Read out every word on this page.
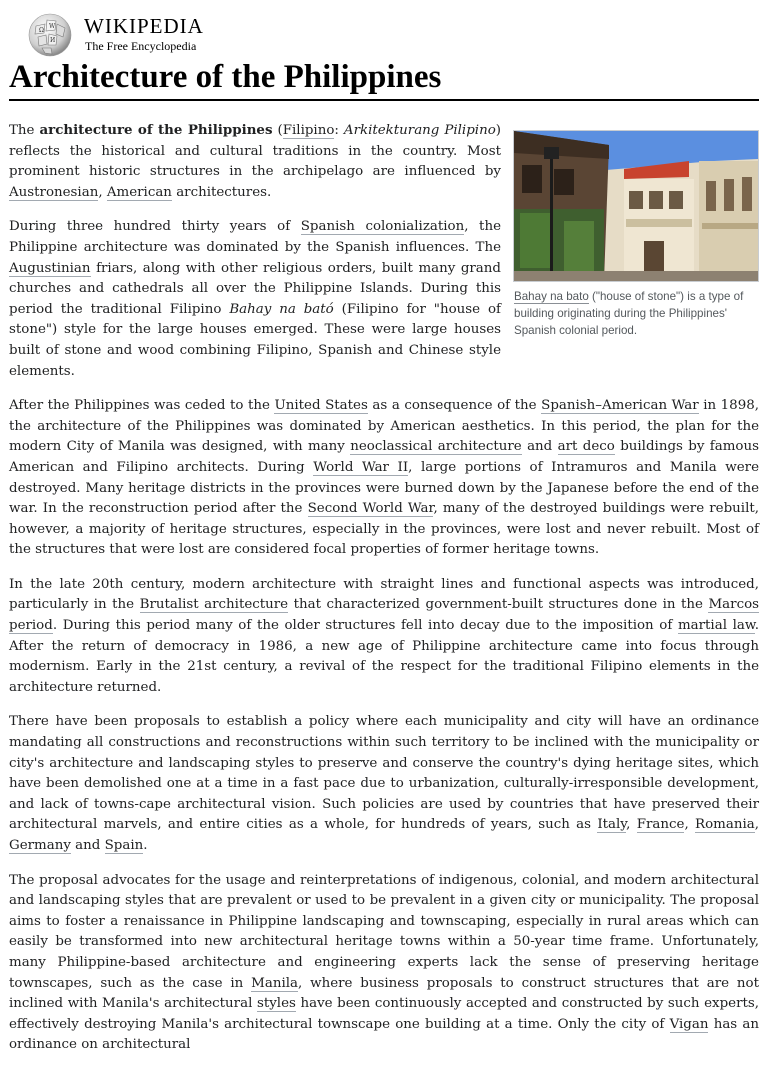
Ω
W
И
WIKIPEDIA
The Free Encyclopedia
Architecture of the Philippines
Bahay na bato ("house of stone") is a type of building originating during the Philippines' Spanish colonial period.

The architecture of the Philippines (Filipino: Arkitekturang Pilipino) reflects the historical and cultural traditions in the country. Most prominent historic structures in the archipelago are influenced by Austronesian, American architectures.

During three hundred thirty years of Spanish colonialization, the Philippine architecture was dominated by the Spanish influences. The Augustinian friars, along with other religious orders, built many grand churches and cathedrals all over the Philippine Islands. During this period the traditional Filipino Bahay na bató (Filipino for "house of stone") style for the large houses emerged. These were large houses built of stone and wood combining Filipino, Spanish and Chinese style elements.

After the Philippines was ceded to the United States as a consequence of the Spanish–American War in 1898, the architecture of the Philippines was dominated by American aesthetics. In this period, the plan for the modern City of Manila was designed, with many neoclassical architecture and art deco buildings by famous American and Filipino architects. During World War II, large portions of Intramuros and Manila were destroyed. Many heritage districts in the provinces were burned down by the Japanese before the end of the war. In the reconstruction period after the Second World War, many of the destroyed buildings were rebuilt, however, a majority of heritage structures, especially in the provinces, were lost and never rebuilt. Most of the structures that were lost are considered focal properties of former heritage towns.

In the late 20th century, modern architecture with straight lines and functional aspects was introduced, particularly in the Brutalist architecture that characterized government-built structures done in the Marcos period. During this period many of the older structures fell into decay due to the imposition of martial law. After the return of democracy in 1986, a new age of Philippine architecture came into focus through modernism. Early in the 21st century, a revival of the respect for the traditional Filipino elements in the architecture returned.

There have been proposals to establish a policy where each municipality and city will have an ordinance mandating all constructions and reconstructions within such territory to be inclined with the municipality or city's architecture and landscaping styles to preserve and conserve the country's dying heritage sites, which have been demolished one at a time in a fast pace due to urbanization, culturally-irresponsible development, and lack of towns-cape architectural vision. Such policies are used by countries that have preserved their architectural marvels, and entire cities as a whole, for hundreds of years, such as Italy, France, Romania, Germany and Spain.

The proposal advocates for the usage and reinterpretations of indigenous, colonial, and modern architectural and landscaping styles that are prevalent or used to be prevalent in a given city or municipality. The proposal aims to foster a renaissance in Philippine landscaping and townscaping, especially in rural areas which can easily be transformed into new architectural heritage towns within a 50-year time frame. Unfortunately, many Philippine-based architecture and engineering experts lack the sense of preserving heritage townscapes, such as the case in Manila, where business proposals to construct structures that are not inclined with Manila's architectural styles have been continuously accepted and constructed by such experts, effectively destroying Manila's architectural townscape one building at a time. Only the city of Vigan has an ordinance on architectural
